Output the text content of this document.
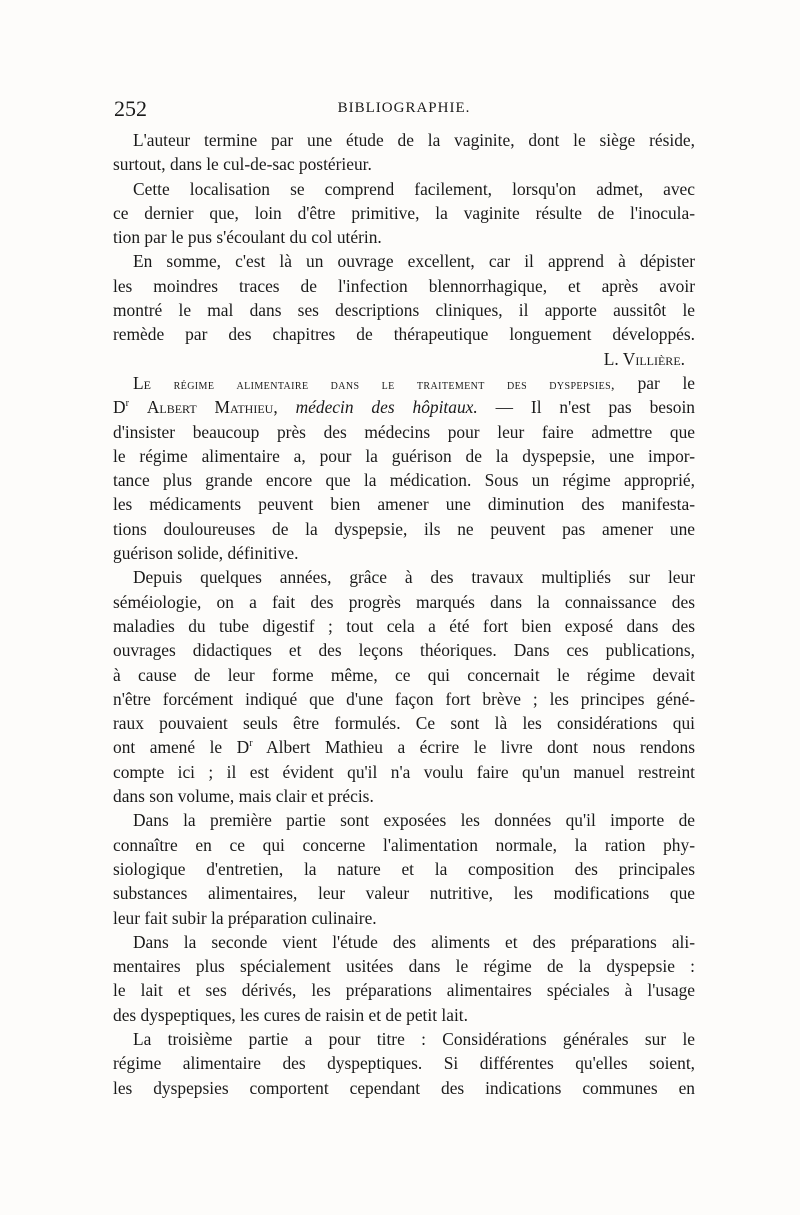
252	BIBLIOGRAPHIE.
L'auteur termine par une étude de la vaginite, dont le siège réside,
surtout, dans le cul-de-sac postérieur.
Cette localisation se comprend facilement, lorsqu'on admet, avec
ce dernier que, loin d'être primitive, la vaginite résulte de l'inocula-
tion par le pus s'écoulant du col utérin.
En somme, c'est là un ouvrage excellent, car il apprend à dépister
les moindres traces de l'infection blennorrhagique, et après avoir
montré le mal dans ses descriptions cliniques, il apporte aussitôt le
remède par des chapitres de thérapeutique longuement développés.
L. Villière.
Le régime alimentaire dans le traitement des dyspepsies, par le
$D^r$ Albert Mathieu, médecin des hôpitaux. — Il n'est pas besoin
d'insister beaucoup près des médecins pour leur faire admettre que
le régime alimentaire a, pour la guérison de la dyspepsie, une impor-
tance plus grande encore que la médication. Sous un régime approprié,
les médicaments peuvent bien amener une diminution des manifesta-
tions douloureuses de la dyspepsie, ils ne peuvent pas amener une
guérison solide, définitive.
Depuis quelques années, grâce à des travaux multipliés sur leur
séméiologie, on a fait des progrès marqués dans la connaissance des
maladies du tube digestif ; tout cela a été fort bien exposé dans des
ouvrages didactiques et des leçons théoriques. Dans ces publications,
à cause de leur forme même, ce qui concernait le régime devait
n'être forcément indiqué que d'une façon fort brève ; les principes géné-
raux pouvaient seuls être formulés. Ce sont là les considérations qui
ont amené le $D^r$ Albert Mathieu a écrire le livre dont nous rendons
compte ici ; il est évident qu'il n'a voulu faire qu'un manuel restreint
dans son volume, mais clair et précis.
Dans la première partie sont exposées les données qu'il importe de
connaître en ce qui concerne l'alimentation normale, la ration phy-
siologique d'entretien, la nature et la composition des principales
substances alimentaires, leur valeur nutritive, les modifications que
leur fait subir la préparation culinaire.
Dans la seconde vient l'étude des aliments et des préparations ali-
mentaires plus spécialement usitées dans le régime de la dyspepsie :
le lait et ses dérivés, les préparations alimentaires spéciales à l'usage
des dyspeptiques, les cures de raisin et de petit lait.
La troisième partie a pour titre : Considérations générales sur le
régime alimentaire des dyspeptiques. Si différentes qu'elles soient,
les dyspepsies comportent cependant des indications communes en
